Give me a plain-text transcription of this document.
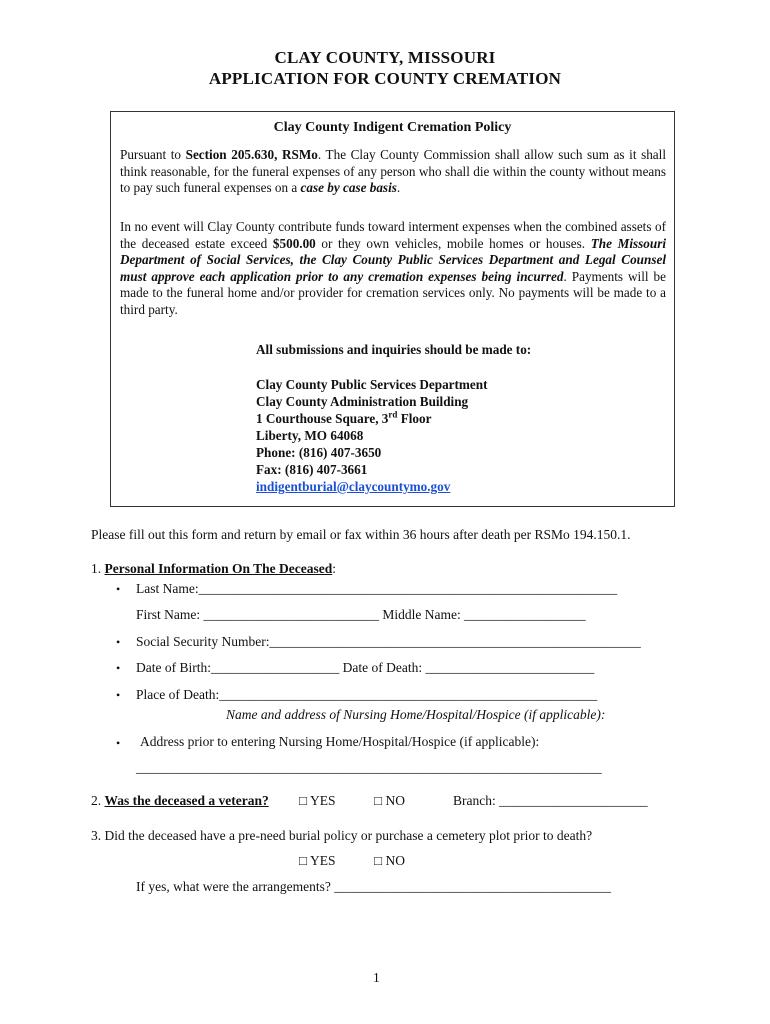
CLAY COUNTY, MISSOURI
APPLICATION FOR COUNTY CREMATION
Clay County Indigent Cremation Policy
Pursuant to Section 205.630, RSMo. The Clay County Commission shall allow such sum as it shall think reasonable, for the funeral expenses of any person who shall die within the county without means to pay such funeral expenses on a case by case basis.
In no event will Clay County contribute funds toward interment expenses when the combined assets of the deceased estate exceed $500.00 or they own vehicles, mobile homes or houses. The Missouri Department of Social Services, the Clay County Public Services Department and Legal Counsel must approve each application prior to any cremation expenses being incurred. Payments will be made to the funeral home and/or provider for cremation services only. No payments will be made to a third party.
All submissions and inquiries should be made to:
Clay County Public Services Department
Clay County Administration Building
1 Courthouse Square, 3rd Floor
Liberty, MO 64068
Phone: (816) 407-3650
Fax: (816) 407-3661
indigentburial@claycountymo.gov
Please fill out this form and return by email or fax within 36 hours after death per RSMo 194.150.1.
1. Personal Information On The Deceased:
• Last Name:______________________________________________________________
First Name: __________________________ Middle Name: __________________
• Social Security Number:_______________________________________________________
• Date of Birth:___________________ Date of Death: _________________________
• Place of Death:________________________________________________________
Name and address of Nursing Home/Hospital/Hospice (if applicable):
• Address prior to entering Nursing Home/Hospital/Hospice (if applicable):
_____________________________________________________________________
2. Was the deceased a veteran? □ YES	□ NO	Branch: ______________________
3. Did the deceased have a pre-need burial policy or purchase a cemetery plot prior to death?
□ YES	□ NO
If yes, what were the arrangements? _________________________________________
1
